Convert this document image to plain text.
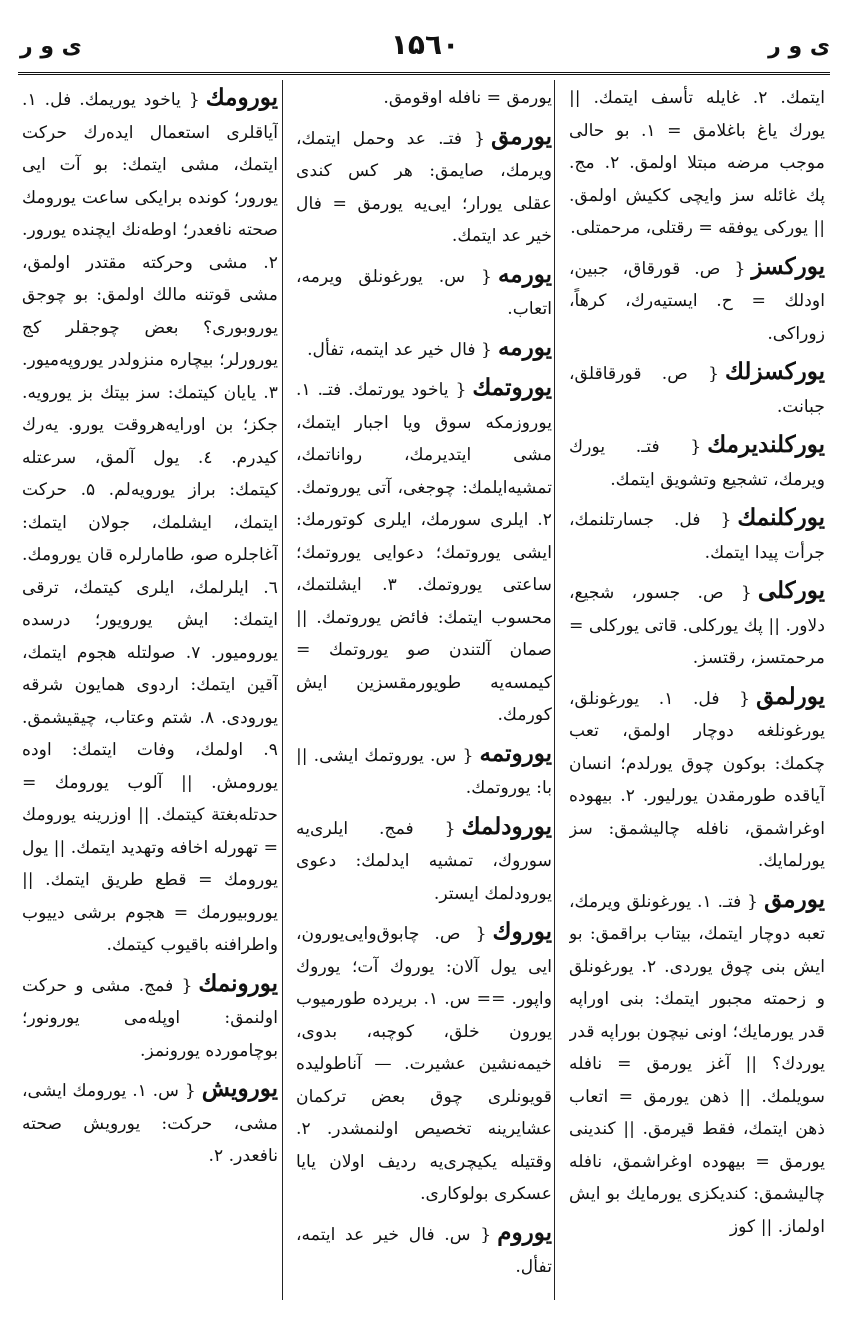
ی و ر
۱۵٦۰
ی و ر
ایتمك. ۲. غایله تأسف ایتمك. || یورك یاغ باغلامق = ۱. بو حالی موجب مرضه مبتلا اولمق. ۲. مج. پك غائله سز وایچی ککیش اولمق. || یورکی یوفقه = رقتلی، مرحمتلی.
یوركسز{ ص. قورقاق، جبین، اودلك = ح. ایستیه‌رك، کرهاً، زوراکی.
یوركسزلك{ ص. قورقاقلق، جبانت.
یوركلندیرمك{ فتـ. یورك ویرمك، تشجیع وتشویق ایتمك.
یوركلنمك{ فل. جسارتلنمك، جرأت پیدا ایتمك.
یوركلی{ ص. جسور، شجیع، دلاور. || پك یوركلی. قاتی یوركلی = مرحمتسز، رقتسز.
یورلمق{ فل. ۱. یورغونلق، یورغونلغه دوچار اولمق، تعب چکمك: بوکون چوق یورلدم؛ انسان آیاقده طورمقدن یورلیور. ۲. بیهوده اوغراشمق، نافله چالیشمق: سز یورلمایك.
یورمق{ فتـ. ۱. یورغونلق ویرمك، تعبه دوچار ایتمك، بیتاب براقمق: بو ایش بنی چوق یوردی. ۲. یورغونلق و زحمته مجبور ایتمك: بنی اوراپه قدر یورمایك؛ اونی نیچون بوراپه قدر یوردك؟ || آغز یورمق = نافله سویلمك. || ذهن یورمق = اتعاب ذهن ایتمك، فقط قیرمق. || کندینی یورمق = بیهوده اوغراشمق، نافله چالیشمق: کندیکزی یورمایك بو ایش اولماز. || کوز
یورمق = نافله اوقومق.
یورمق{ فتـ. عد وحمل ایتمك، ویرمك، صایمق: هر کس کندی عقلی یورار؛ ایی‌یه یورمق = فال خیر عد ایتمك.
یورمه{ س. یورغونلق ویرمه، اتعاب.
یورمه{ فال خیر عد ایتمه، تفأل.
یوروتمك{ یاخود یورتمك. فتـ. ۱. یوروزمکه سوق ویا اجبار ایتمك، مشی ایتدیرمك، رواناتمك، تمشیه‌ایلمك: چوجغی، آتی یوروتمك. ۲. ایلری سورمك، ایلری کوتورمك: ایشی یوروتمك؛ دعوایی یوروتمك؛ ساعتی یوروتمك. ۳. ایشلتمك، محسوب ایتمك: فائض یوروتمك. || صمان آلتندن صو یوروتمك = کیمسه‌یه طویورمقسزین ایش کورمك.
یوروتمه{ س. یوروتمك ایشی. || با: یوروتمك.
یورودلمك{ فمج. ایلری‌یه سوروك، تمشیه ایدلمك: دعوی یورودلمك ایستر.
یوروك{ ص. چابوق‌وایی‌یورون، ایی یول آلان: یوروك آت؛ یوروك واپور. == س. ۱. بریرده طورمیوب یورون خلق، کوچبه، بدوی، خیمه‌نشین عشیرت. — آناطولیده قویونلری چوق بعض ترکمان عشایرینه تخصیص اولنمشدر. ۲. وقتیله یکیچری‌یه ردیف اولان یایا عسکری بولوکاری.
یوروم{ س. فال خیر عد ایتمه، تفأل.
یورومك{ یاخود یوریمك. فل. ۱. آیاقلری استعمال ایده‌رك حرکت ایتمك، مشی ایتمك: بو آت ایی یورور؛ کونده برایکی ساعت یورومك صحته نافعدر؛ اوطه‌نك ایچنده یورور. ۲. مشی وحرکته مقتدر اولمق، مشی قوتنه مالك اولمق: بو چوجق یوروبوری؟ بعض چوجقلر کج یورورلر؛ بیچاره منزولدر یوروپه‌میور. ۳. یایان کیتمك: سز بیتك بز یورویه. جکز؛ بن اورایه‌هروقت یورو. یه‌رك کیدرم. ٤. یول آلمق، سرعتله کیتمك: براز یورویه‌لم. ۵. حرکت ایتمك، ایشلمك، جولان ایتمك: آغاجلره صو، طامارلره قان یورومك. ٦. ایلرلمك، ایلری کیتمك، ترقی ایتمك: ایش یورویور؛ درسده یورومیور. ۷. صولتله هجوم ایتمك، آقین ایتمك: اردوی همایون شرقه یورودی. ۸. شتم وعتاب، چیقیشمق. ۹. اولمك، وفات ایتمك: اوده یورومش. || آلوب یورومك = حدتله‌بغتة کیتمك. || اوزرینه یورومك = تهورله اخافه وتهدید ایتمك. || یول یورومك = قطع طریق ایتمك. || یوروبیورمك = هجوم برشی دییوب واطرافنه باقیوب کیتمك.
یورونمك{ فمج. مشی و حرکت اولنمق: اوپله‌می یورونور؛ بوچامورده یورونمز.
یورویش{ س. ۱. یورومك ایشی، مشی، حرکت: یورویش صحته نافعدر. ۲.
